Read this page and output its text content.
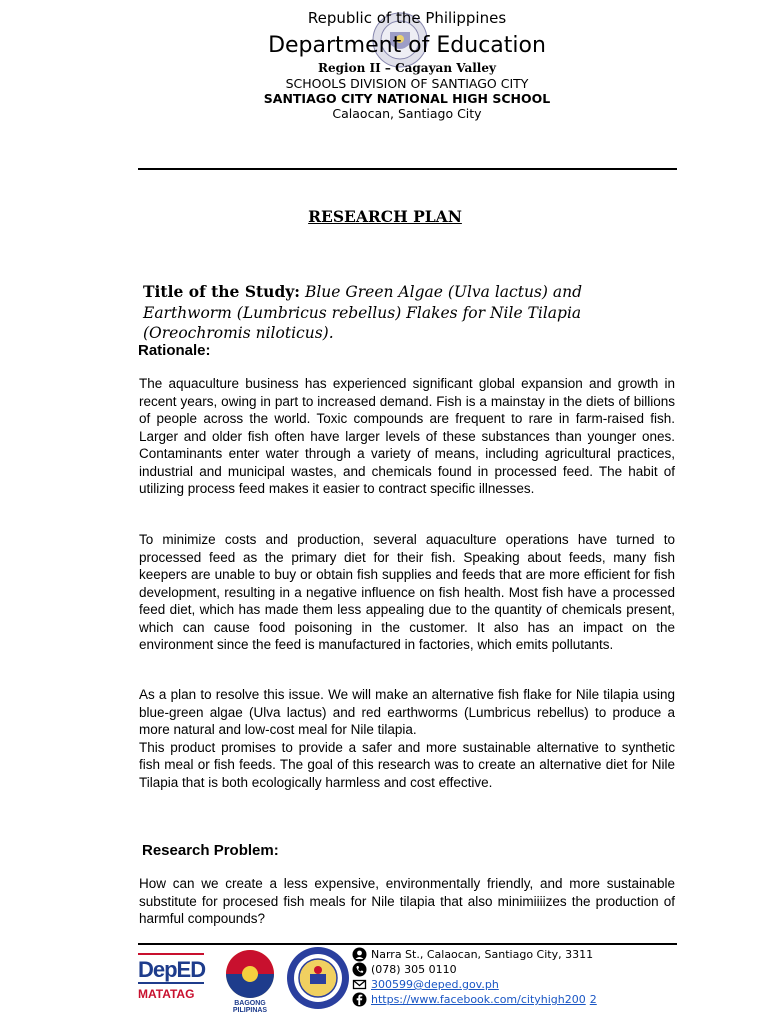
Republic of the Philippines
Department of Education
Region II – Cagayan Valley
SCHOOLS DIVISION OF SANTIAGO CITY
SANTIAGO CITY NATIONAL HIGH SCHOOL
Calaocan, Santiago City
RESEARCH PLAN
Title of the Study: Blue Green Algae (Ulva lactus) and Earthworm (Lumbricus rebellus) Flakes for Nile Tilapia (Oreochromis niloticus).
Rationale:

The aquaculture business has experienced significant global expansion and growth in recent years, owing in part to increased demand. Fish is a mainstay in the diets of billions of people across the world. Toxic compounds are frequent to rare in farm-raised fish. Larger and older fish often have larger levels of these substances than younger ones. Contaminants enter water through a variety of means, including agricultural practices, industrial and municipal wastes, and chemicals found in processed feed. The habit of utilizing process feed makes it easier to contract specific illnesses.

To minimize costs and production, several aquaculture operations have turned to processed feed as the primary diet for their fish. Speaking about feeds, many fish keepers are unable to buy or obtain fish supplies and feeds that are more efficient for fish development, resulting in a negative influence on fish health. Most fish have a processed feed diet, which has made them less appealing due to the quantity of chemicals present, which can cause food poisoning in the customer. It also has an impact on the environment since the feed is manufactured in factories, which emits pollutants.

As a plan to resolve this issue. We will make an alternative fish flake for Nile tilapia using blue-green algae (Ulva lactus) and red earthworms (Lumbricus rebellus) to produce a more natural and low-cost meal for Nile tilapia.
This product promises to provide a safer and more sustainable alternative to synthetic fish meal or fish feeds. The goal of this research was to create an alternative diet for Nile Tilapia that is both ecologically harmless and cost effective.

Research Problem:

How can we create a less expensive, environmentally friendly, and more sustainable substitute for procesed fish meals for Nile tilapia that also minimiiiizes the production of harmful compounds?

DepED
MATATAG
BAGONG PILIPINAS
Narra St., Calaocan, Santiago City, 3311
(078) 305 0110
300599@deped.gov.ph
https://www.facebook.com/cityhigh200 2
